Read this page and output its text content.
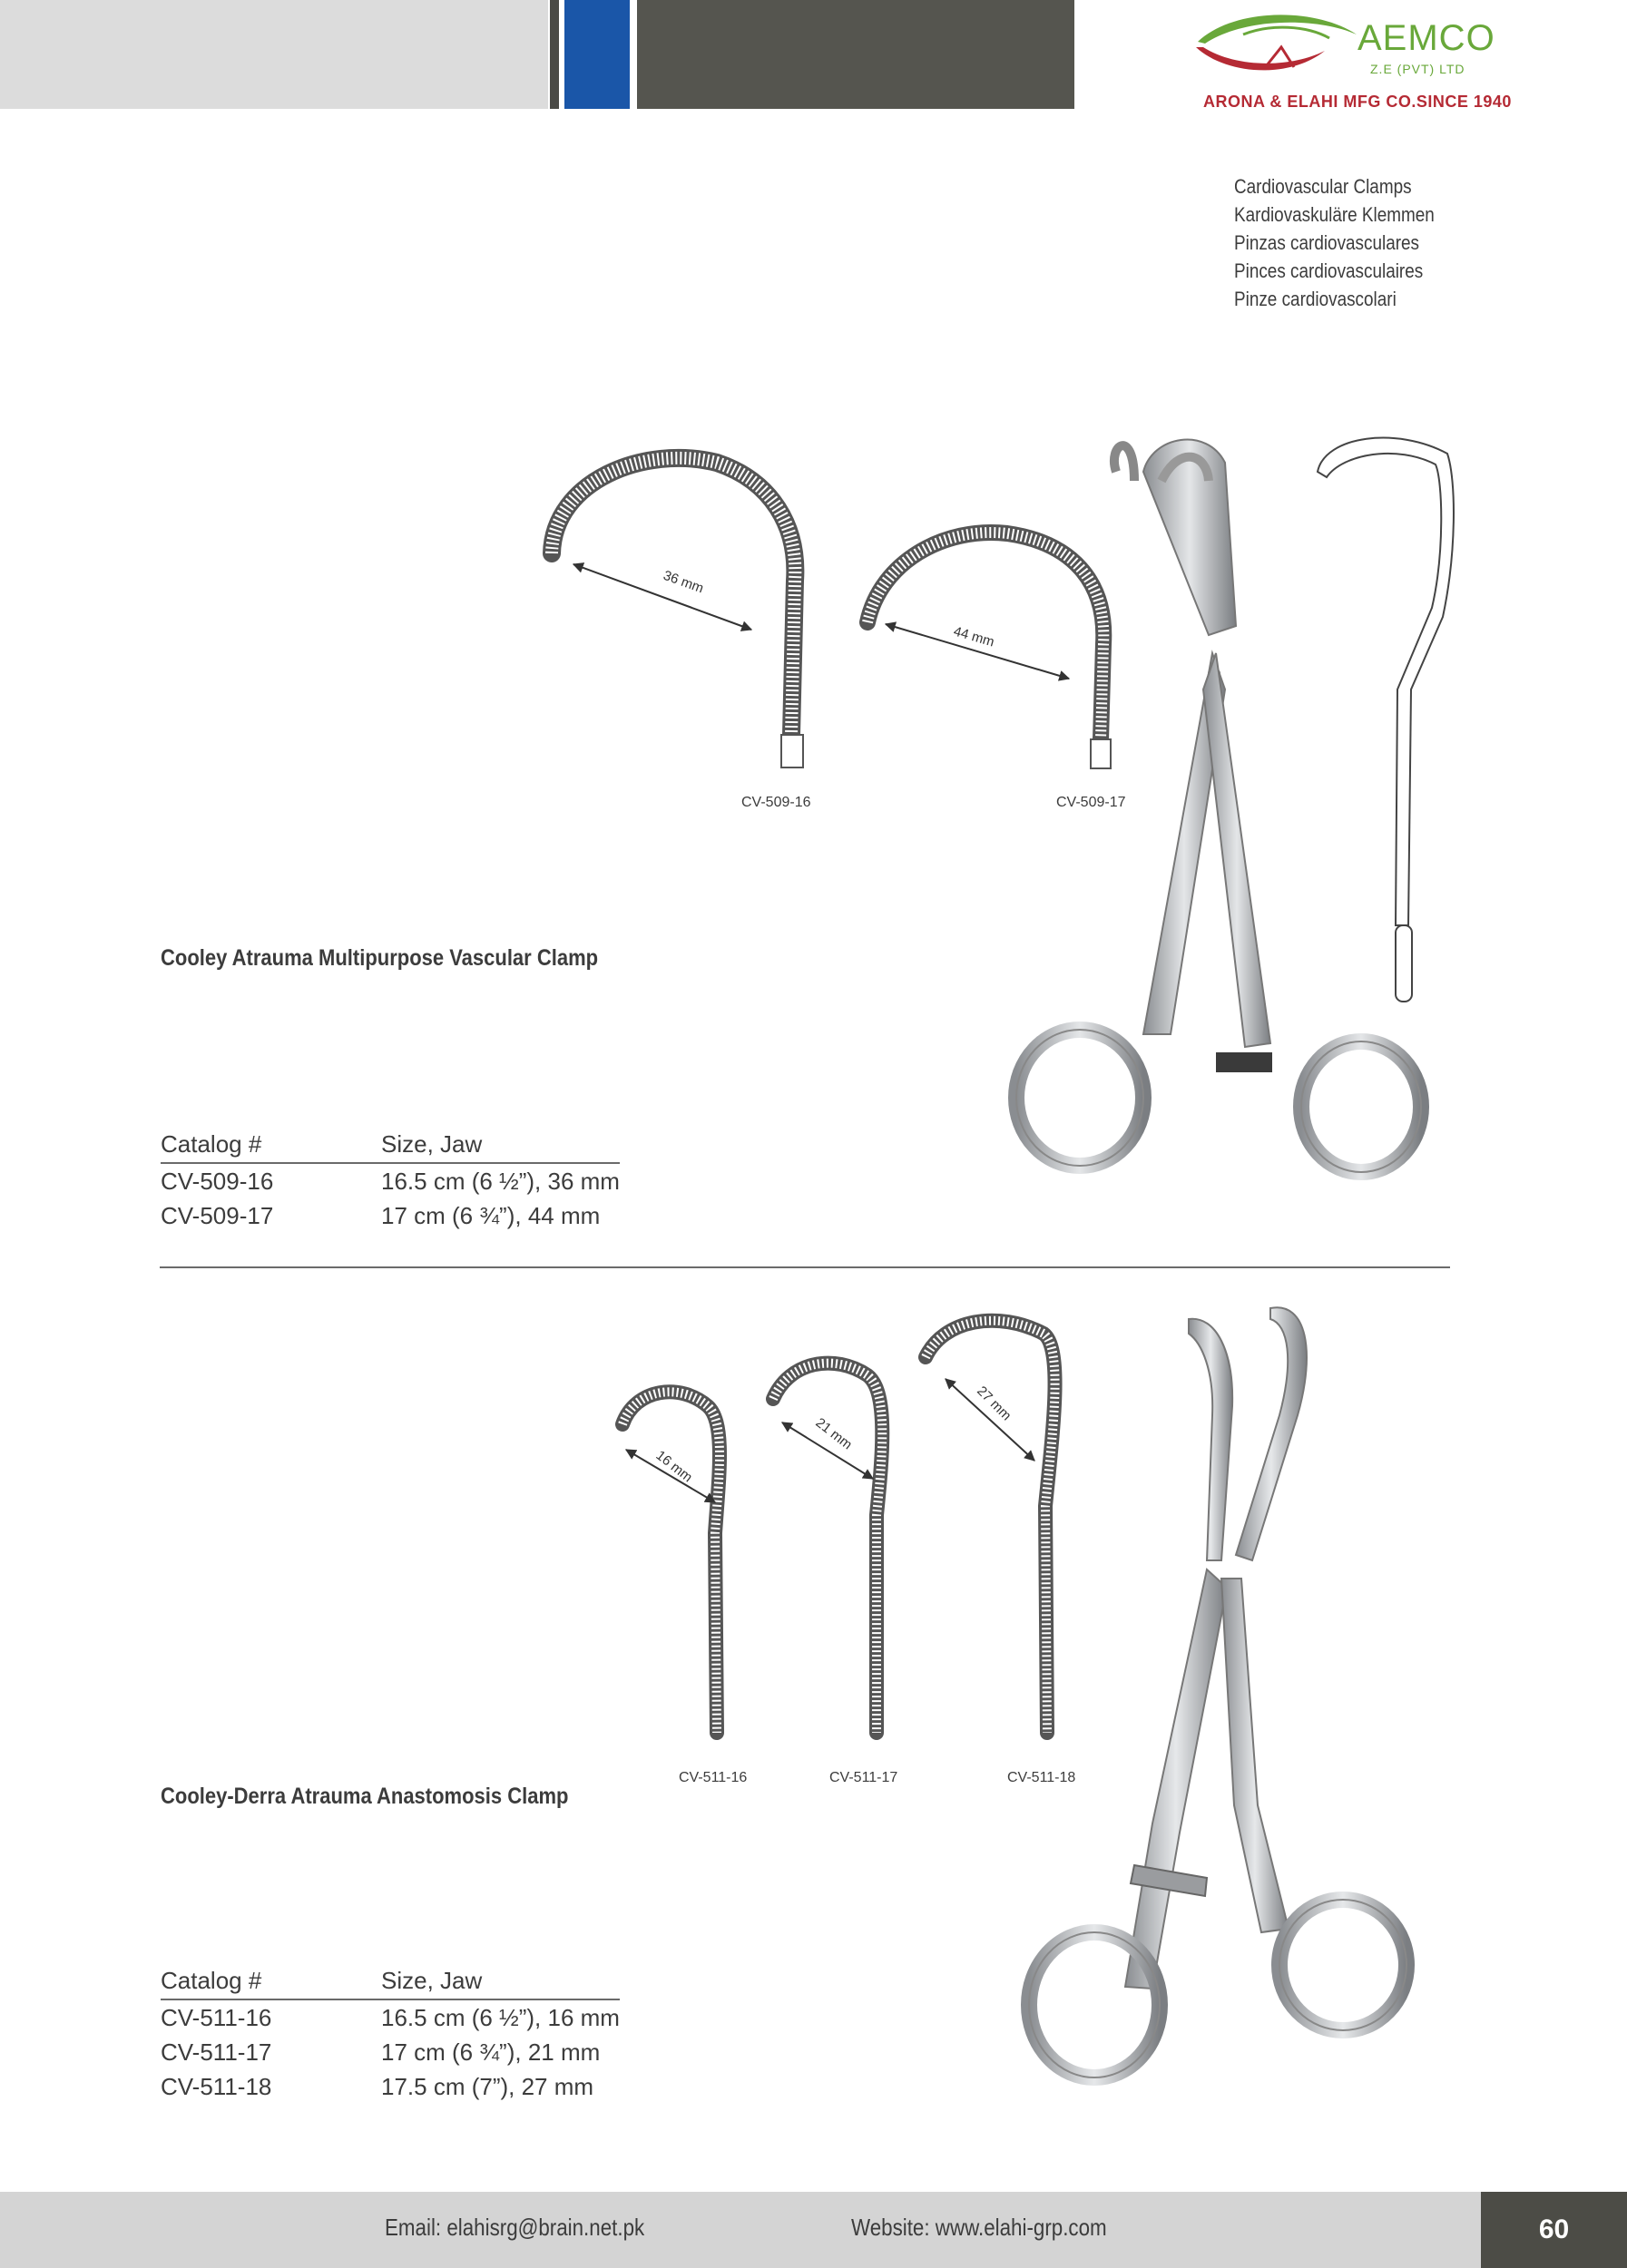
AEMCO
Z.E (PVT) LTD
ARONA & ELAHI MFG CO.SINCE 1940
Cardiovascular Clamps
Kardiovaskuläre Klemmen
Pinzas cardiovasculares
Pinces cardiovasculaires
Pinze cardiovascolari
36 mm
44 mm
CV-509-16	CV-509-17
Cooley Atrauma Multipurpose Vascular Clamp
Catalog #	Size, Jaw
CV-509-16	16.5 cm (6 ½”), 36 mm
CV-509-17	17 cm (6 ¾”), 44 mm
16 mm
21 mm
27 mm
CV-511-16	CV-511-17	CV-511-18
Cooley-Derra Atrauma Anastomosis Clamp
Catalog #	Size, Jaw
CV-511-16	16.5 cm (6 ½”), 16 mm
CV-511-17	17 cm (6 ¾”), 21 mm
CV-511-18	17.5 cm (7”), 27 mm
Email: elahisrg@brain.net.pk	Website: www.elahi-grp.com	60
